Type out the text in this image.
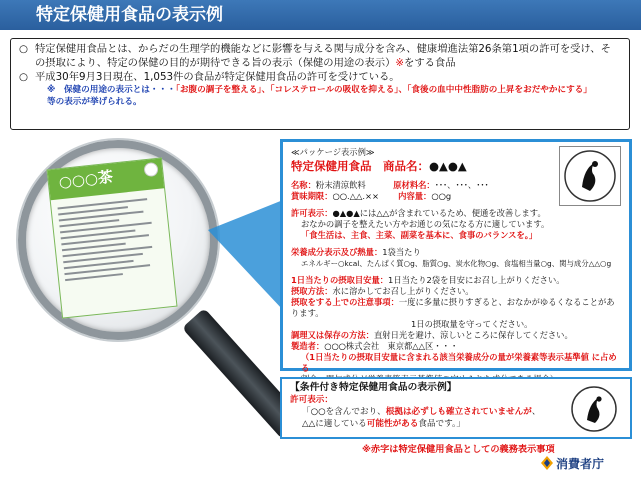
特定保健用食品の表示例
○ 特定保健用食品とは、からだの生理学的機能などに影響を与える関与成分を含み、健康増進法第26条第1項の許可を受け、その摂取により、特定の保健の目的が期待できる旨の表示（保健の用途の表示）※をする食品
○ 平成30年9月3日現在、1,053件の食品が特定保健用食品の許可を受けている。
※　保健の用途の表示とは・・・「お腹の調子を整える」、「コレステロールの吸収を抑える」、「食後の血中中性脂肪の上昇をおだやかにする」
等の表示が挙げられる。
○○○茶
≪パッケージ表示例≫
特定保健用食品　 商品名：●▲●▲
名称：粉末清涼飲料 　　　	原材料名：･･･、･･･、･･･
賞味期限：○○.△△.×× 　　 内容量：○○g
許可表示：●▲●▲には△△が含まれているため、便通を改善します。

おなかの調子を整えたい方やお通じの気になる方に適しています。
「食生活は、主食、主菜、副菜を基本に、食事のバランスを。」
栄養成分表示及び熱量：1袋当たり

エネルギー○kcal、たんぱく質○g、脂質○g、炭水化物○g、食塩相当量○g、関与成分△△○g
1日当たりの摂取目安量：1日当たり2袋を目安にお召し上がりください。
摂取方法：水に溶かしてお召し上がりください。
摂取をする上での注意事項：一度に多量に摂りすぎると、おなかがゆるくなることがあります。

1日の摂取量を守ってください。
調理又は保存の方法：直射日光を避け、涼しいところに保存してください。
製造者：○○○株式会社　東京都△△区・・・

（1日当たりの摂取目安量に含まれる該当栄養成分の量が栄養素等表示基準値 に占める
【条件付き特定保健用食品の表示例】
許可表示：
「○○を含んでおり、根拠は必ずしも確立されていませんが、
△△に適している可能性がある食品です。」
※赤字は特定保健用食品としての義務表示事項
消費者庁
